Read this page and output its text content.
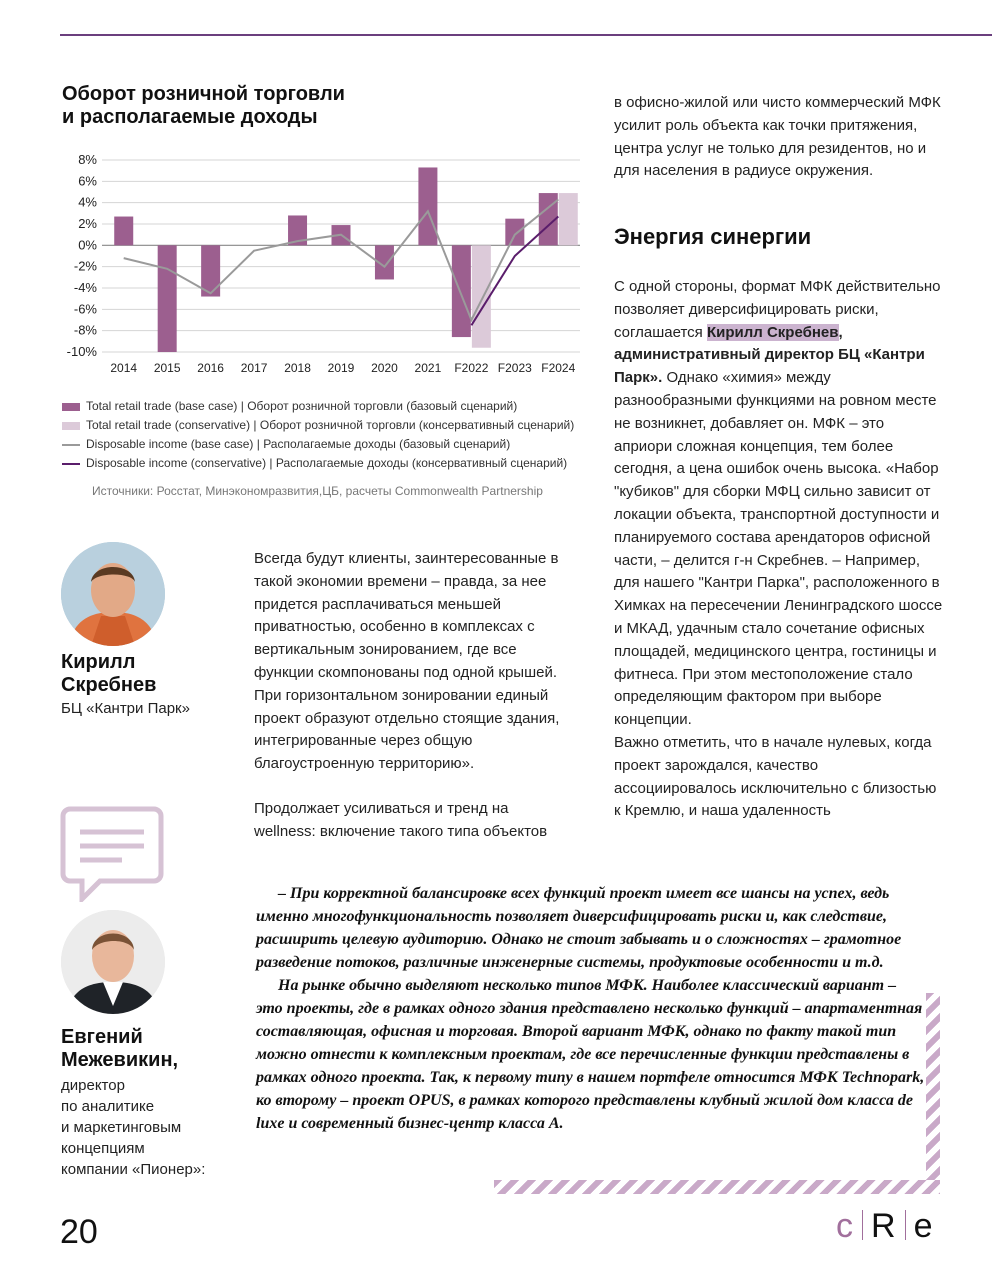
Оборот розничной торговли
и располагаемые доходы
8%
6%
4%
2%
0%
-2%
-4%
-6%
-8%
-10%
2014 2015 2016 2017 2018 2019 2020 2021 F2022 F2023 F2024
Total retail trade (base case) | Оборот розничной торговли (базовый сценарий)
Total retail trade (conservative) | Оборот розничной торговли (консервативный сценарий)
Disposable income (base case) | Располагаемые доходы (базовый сценарий)
Disposable income (conservative) | Располагаемые доходы (консервативный сценарий)
Источники: Росстат, Минэкономразвития,ЦБ, расчеты Commonwealth Partnership

в офисно-жилой или чисто коммерческий МФК усилит роль объекта как точки притяжения, центра услуг не только для резидентов, но и для населения в радиусе окружения.

Энергия синергии

С одной стороны, формат МФК действительно позволяет диверсифицировать риски, соглашается Кирилл Скребнев, административный директор БЦ «Кантри Парк». Однако «химия» между разнообразными функциями на ровном месте не возникнет, добавляет он. МФК – это априори сложная концепция, тем более сегодня, а цена ошибок очень высока. «Набор "кубиков" для сборки МФЦ сильно зависит от локации объекта, транспортной доступности и планируемого состава арендаторов офисной части, – делится г-н Скребнев. – Например, для нашего "Кантри Парка", расположенного в Химках на пересечении Ленинградского шоссе и МКАД, удачным стало сочетание офисных площадей, медицинского центра, гостиницы и фитнеса. При этом местоположение стало определяющим фактором при выборе концепции.

Важно отметить, что в начале нулевых, когда проект зарождался, качество ассоциировалось исключительно с близостью к Кремлю, и наша удаленность

Всегда будут клиенты, заинтересованные в такой экономии времени – правда, за нее придется расплачиваться меньшей приватностью, особенно в комплексах с вертикальным зонированием, где все функции скомпонованы под одной крышей. При горизонтальном зонировании единый проект образуют отдельно стоящие здания, интегрированные через общую благоустроенную территорию».

Продолжает усиливаться и тренд на wellness: включение такого типа объектов

Кирилл
Скребнев

БЦ «Кантри Парк»

Евгений
Межевикин,

директор
по аналитике
и маркетинговым
концепциям
компании «Пионер»:

– При корректной балансировке всех функций проект имеет все шансы на успех, ведь именно многофункциональность позволяет диверсифицировать риски и, как следствие, расширить целевую аудиторию. Однако не стоит забывать и о сложностях – грамотное разведение потоков, различные инженерные системы, продуктовые особенности и т.д.

На рынке обычно выделяют несколько типов МФК. Наиболее классический вариант – это проекты, где в рамках одного здания представлено несколько функций – апартаментная составляющая, офисная и торговая. Второй вариант МФК, однако по факту такой тип можно отнести к комплексным проектам, где все перечисленные функции представлены в рамках одного проекта. Так, к первому типу в нашем портфеле относится МФК Technopark, ко второму – проект OPUS, в рамках которого представлены клубный жилой дом класса de luxe и современный бизнес-центр класса А.

20	c R e
